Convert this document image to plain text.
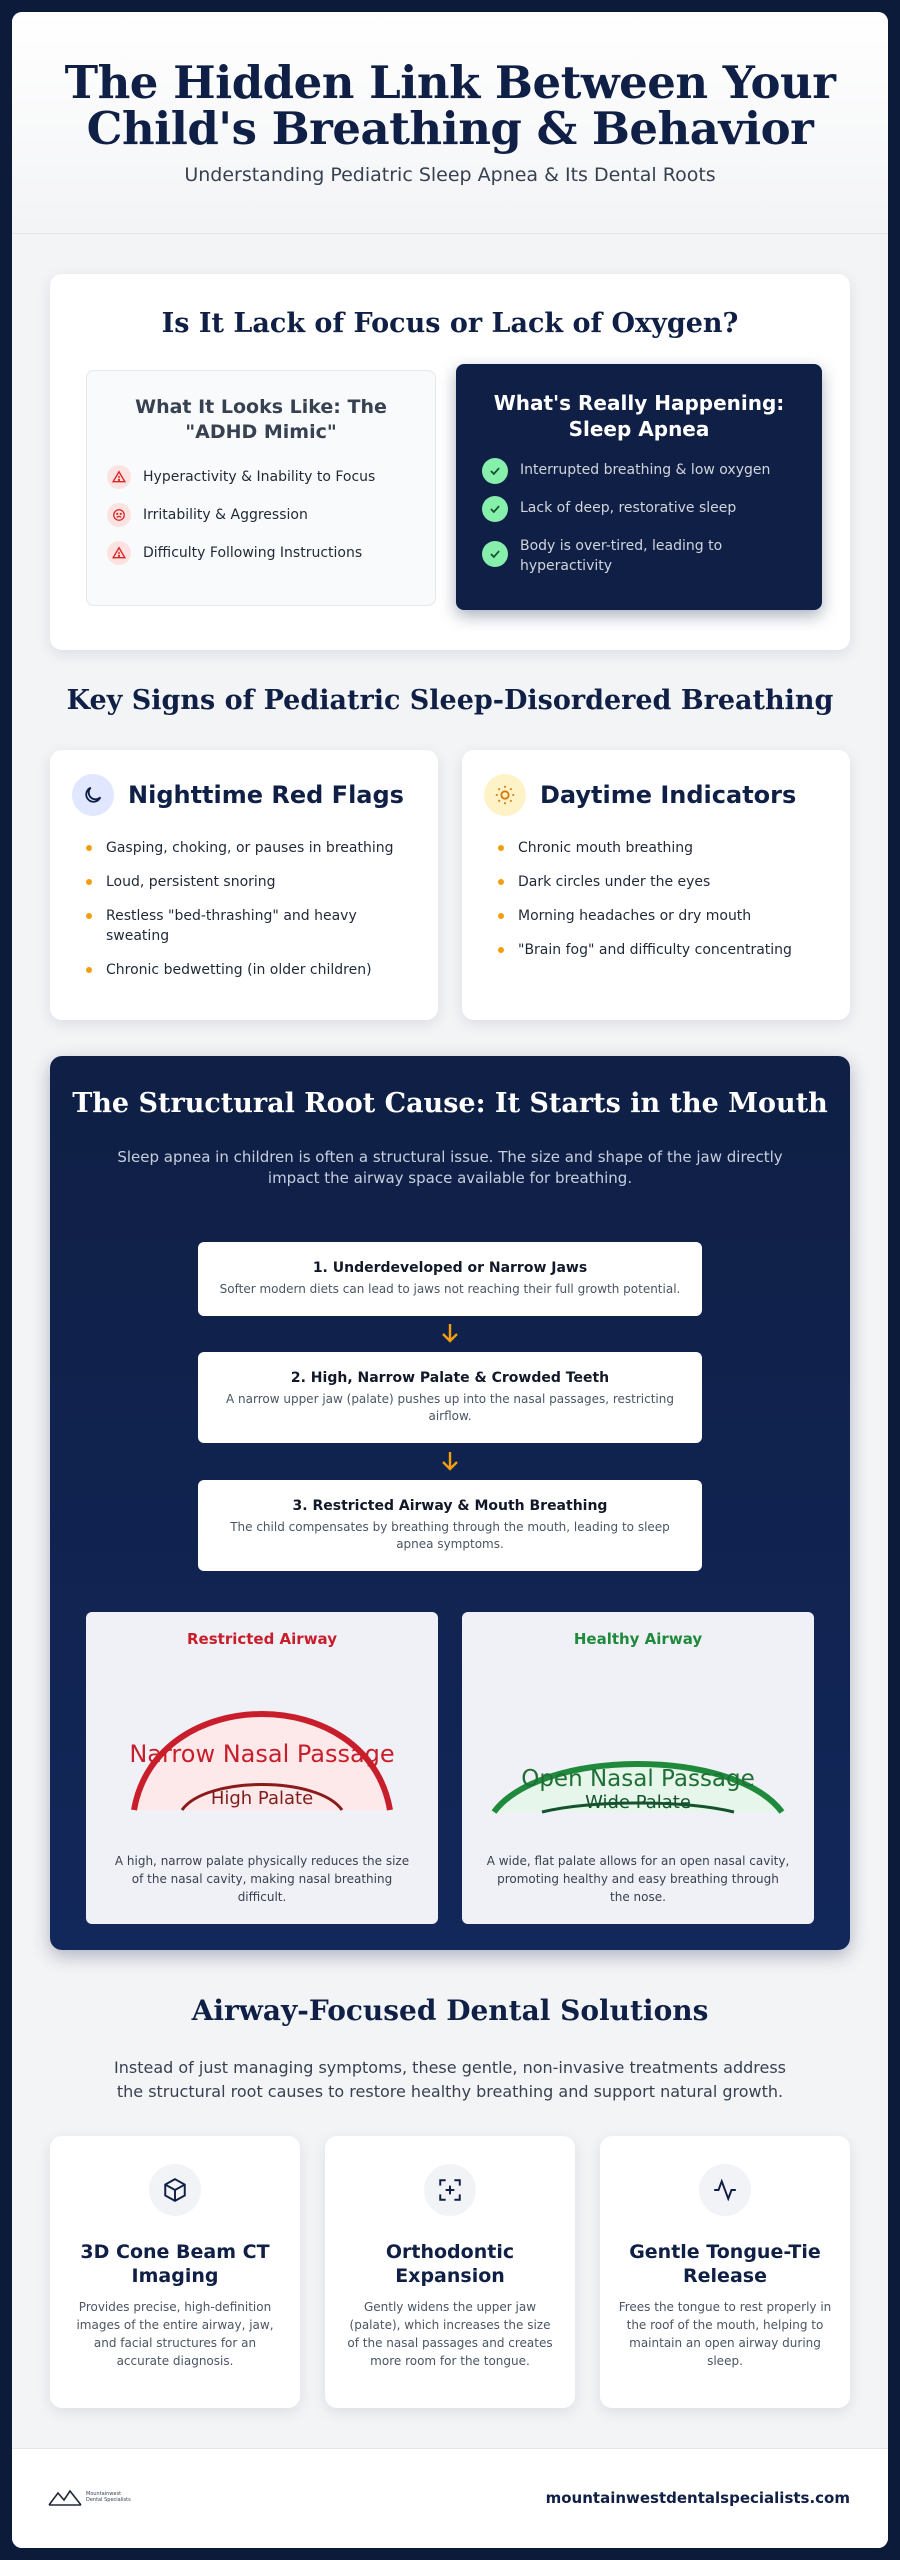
The Hidden Link Between Your
Child's Breathing & Behavior

Understanding Pediatric Sleep Apnea & Its Dental Roots

Is It Lack of Focus or Lack of Oxygen?
What It Looks Like: The "ADHD Mimic"
Hyperactivity & Inability to Focus
Irritability & Aggression
Difficulty Following Instructions
What's Really Happening: Sleep Apnea
Interrupted breathing & low oxygen
Lack of deep, restorative sleep
Body is over-tired, leading to hyperactivity
Key Signs of Pediatric Sleep-Disordered Breathing
Nighttime Red Flags
Gasping, choking, or pauses in breathing
Loud, persistent snoring
Restless "bed-thrashing" and heavy sweating
Chronic bedwetting (in older children)
Daytime Indicators
Chronic mouth breathing
Dark circles under the eyes
Morning headaches or dry mouth
"Brain fog" and difficulty concentrating
The Structural Root Cause: It Starts in the Mouth

Sleep apnea in children is often a structural issue. The size and shape of the jaw directly impact the airway space available for breathing.

1. Underdeveloped or Narrow Jaws
Softer modern diets can lead to jaws not reaching their full growth potential.
2. High, Narrow Palate & Crowded Teeth
A narrow upper jaw (palate) pushes up into the nasal passages, restricting airflow.
3. Restricted Airway & Mouth Breathing
The child compensates by breathing through the mouth, leading to sleep apnea symptoms.
Restricted Airway
Narrow Nasal Passage
High Palate
A high, narrow palate physically reduces the size of the nasal cavity, making nasal breathing difficult.
Healthy Airway
Open Nasal Passage
Wide Palate
A wide, flat palate allows for an open nasal cavity, promoting healthy and easy breathing through the nose.
Airway-Focused Dental Solutions

Instead of just managing symptoms, these gentle, non-invasive treatments address the structural root causes to restore healthy breathing and support natural growth.

3D Cone Beam CT Imaging

Provides precise, high-definition images of the entire airway, jaw, and facial structures for an accurate diagnosis.

Orthodontic Expansion

Gently widens the upper jaw (palate), which increases the size of the nasal passages and creates more room for the tongue.

Gentle Tongue-Tie Release

Frees the tongue to rest properly in the roof of the mouth, helping to maintain an open airway during sleep.

Mountainwest
Dental Specialists	mountainwestdentalspecialists.com
